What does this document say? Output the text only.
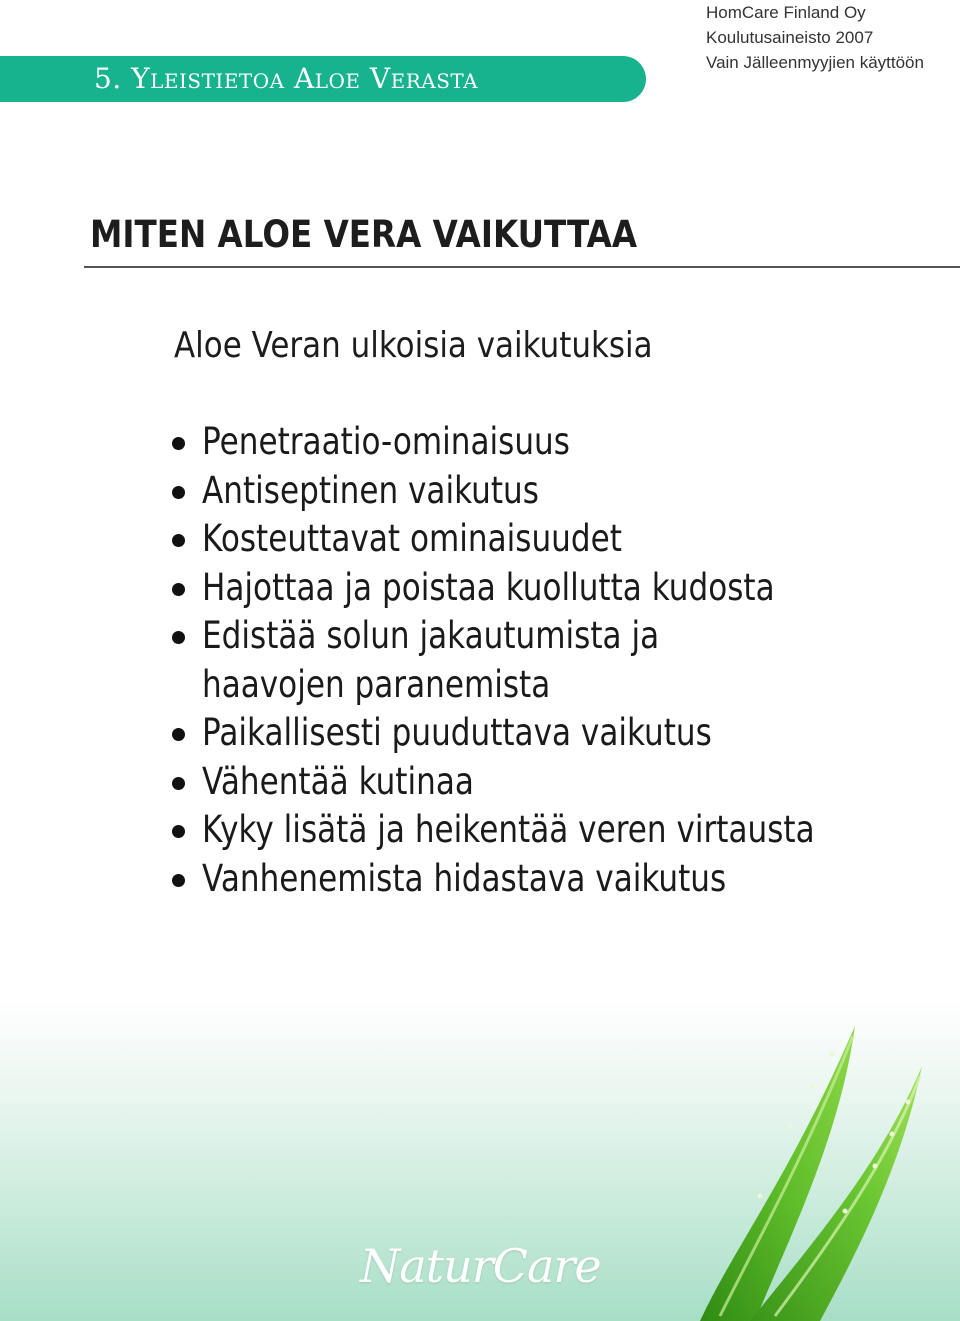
5. Yleistietoa Aloe Verasta
HomCare Finland Oy
Koulutusaineisto 2007
Vain Jälleenmyyjien käyttöön
MITEN ALOE VERA VAIKUTTAA
Aloe Veran ulkoisia vaikutuksia
Penetraatio-ominaisuus
Antiseptinen vaikutus
Kosteuttavat ominaisuudet
Hajottaa ja poistaa kuollutta kudosta
Edistää solun jakautumista ja
haavojen paranemista
Paikallisesti puuduttava vaikutus
Vähentää kutinaa
Kyky lisätä ja heikentää veren virtausta
Vanhenemista hidastava vaikutus
NaturCare
